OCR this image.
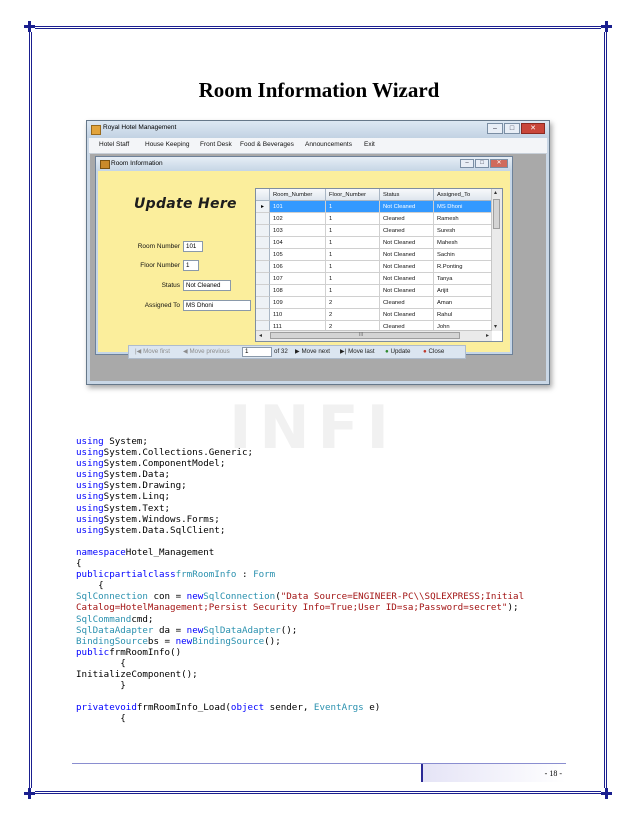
INFI
Room Information Wizard
Royal Hotel Management	–	□	✕
Hotel Staff House Keeping Front Desk Food & Beverages Announcements Exit
Room Information	–	□	✕
Update Here
Room Number 101
Floor Number 1
Status Not Cleaned
Assigned To MS Dhoni
Room_Number	Floor_Number	Status	Assigned_To
▸	101	1	Not Cleaned	MS Dhoni
102	1	Cleaned	Ramesh
103	1	Cleaned	Suresh
104	1	Not Cleaned	Mahesh
105	1	Not Cleaned	Sachin
106	1	Not Cleaned	R.Ponting
107	1	Not Cleaned	Tanya
108	1	Not Cleaned	Arijit
109	2	Cleaned	Aman
110	2	Not Cleaned	Rahul
111	2	Cleaned	John
▴
▾
◂	III	▸
|◀ Move first ◀ Move previous	1	of 32 ▶ Move next ▶| Move last ● Update ● Close
using System;
usingSystem.Collections.Generic;
usingSystem.ComponentModel;
usingSystem.Data;
usingSystem.Drawing;
usingSystem.Linq;
usingSystem.Text;
usingSystem.Windows.Forms;
usingSystem.Data.SqlClient;

namespaceHotel_Management
{
publicpartialclassfrmRoomInfo : Form
{
SqlConnection con = newSqlConnection("Data Source=ENGINEER-PC\\SQLEXPRESS;Initial
Catalog=HotelManagement;Persist Security Info=True;User ID=sa;Password=secret");
SqlCommandcmd;
SqlDataAdapter da = newSqlDataAdapter();
BindingSourcebs = newBindingSource();
publicfrmRoomInfo()
{
InitializeComponent();
}

privatevoidfrmRoomInfo_Load(object sender, EventArgs e)
{
- 18 -
